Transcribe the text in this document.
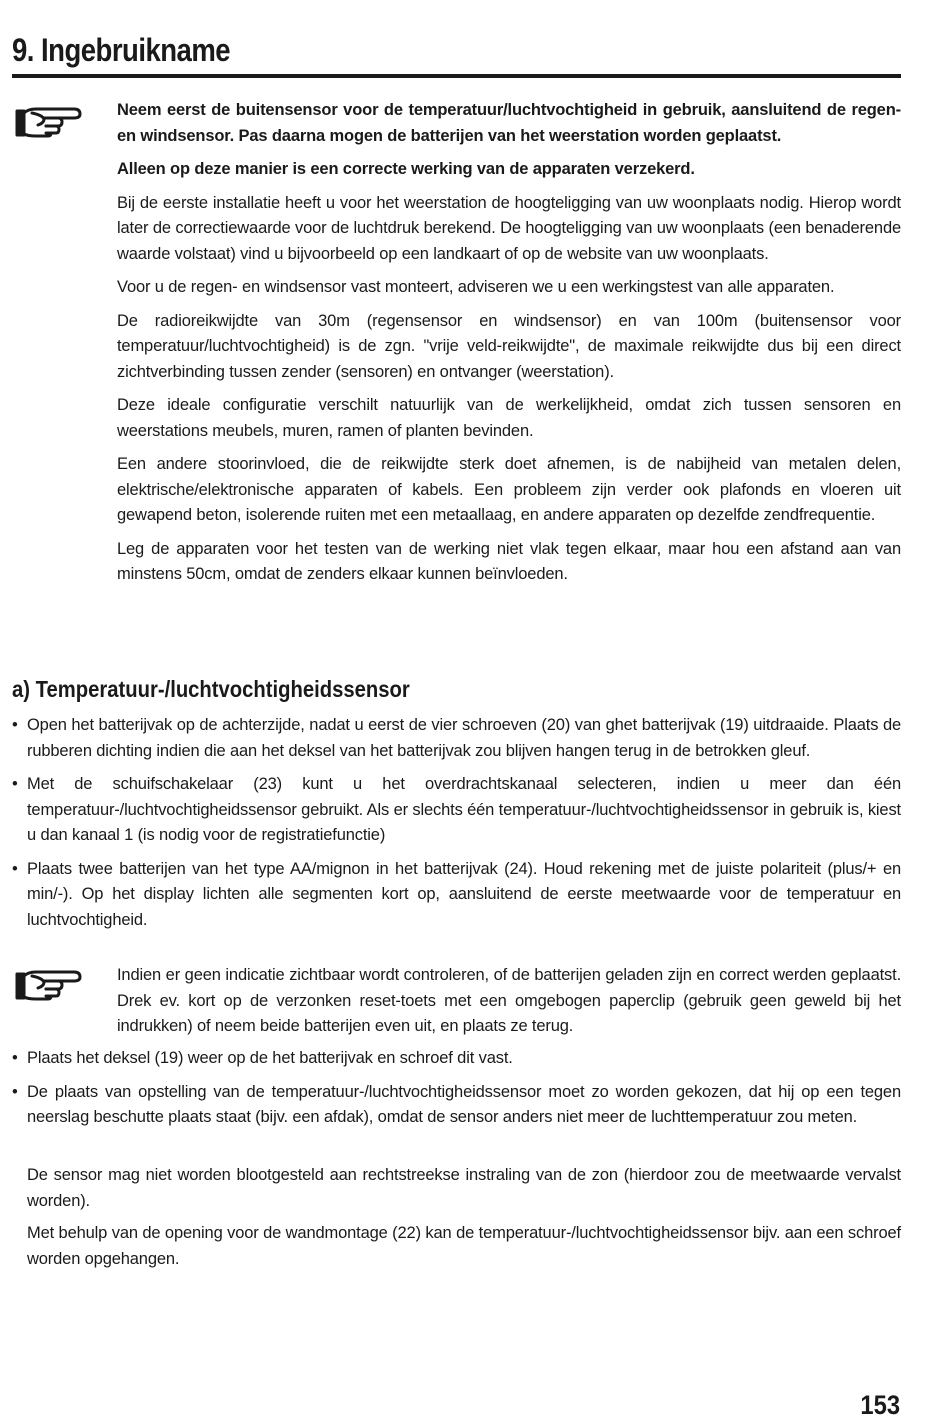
9. Ingebruikname

Neem eerst de buitensensor voor de temperatuur/luchtvochtigheid in gebruik, aansluitend de regen- en windsensor. Pas daarna mogen de batterijen van het weerstation worden geplaatst.

Alleen op deze manier is een correcte werking van de apparaten verzekerd.

Bij de eerste installatie heeft u voor het weerstation de hoogteligging van uw woonplaats nodig. Hierop wordt later de correctiewaarde voor de luchtdruk berekend. De hoogteligging van uw woonplaats (een benaderende waarde volstaat) vind u bijvoorbeeld op een landkaart of op de website van uw woonplaats.

Voor u de regen- en windsensor vast monteert, adviseren we u een werkingstest van alle apparaten.

De radioreikwijdte van 30m (regensensor en windsensor) en van 100m (buitensensor voor temperatuur/luchtvochtigheid) is de zgn. "vrije veld-reikwijdte", de maximale reikwijdte dus bij een direct zichtverbinding tussen zender (sensoren) en ontvanger (weerstation).

Deze ideale configuratie verschilt natuurlijk van de werkelijkheid, omdat zich tussen sensoren en weerstations meubels, muren, ramen of planten bevinden.

Een andere stoorinvloed, die de reikwijdte sterk doet afnemen, is de nabijheid van metalen delen, elektrische/elektronische apparaten of kabels. Een probleem zijn verder ook plafonds en vloeren uit gewapend beton, isolerende ruiten met een metaallaag, en andere apparaten op dezelfde zendfrequentie.

Leg de apparaten voor het testen van de werking niet vlak tegen elkaar, maar hou een afstand aan van minstens 50cm, omdat de zenders elkaar kunnen beïnvloeden.

a) Temperatuur-/luchtvochtigheidssensor
• Open het batterijvak op de achterzijde, nadat u eerst de vier schroeven (20) van ghet batterijvak (19) uitdraaide. Plaats de rubberen dichting indien die aan het deksel van het batterijvak zou blijven hangen terug in de betrokken gleuf.
• Met de schuifschakelaar (23) kunt u het overdrachtskanaal selecteren, indien u meer dan één temperatuur-/luchtvochtigheidssensor gebruikt. Als er slechts één temperatuur-/luchtvochtigheidssensor in gebruik is, kiest u dan kanaal 1 (is nodig voor de registratiefunctie)
• Plaats twee batterijen van het type AA/mignon in het batterijvak (24). Houd rekening met de juiste polariteit (plus/+ en min/-). Op het display lichten alle segmenten kort op, aansluitend de eerste meetwaarde voor de temperatuur en luchtvochtigheid.

Indien er geen indicatie zichtbaar wordt controleren, of de batterijen geladen zijn en correct werden geplaatst. Drek ev. kort op de verzonken reset-toets met een omgebogen paperclip (gebruik geen geweld bij het indrukken) of neem beide batterijen even uit, en plaats ze terug.

• Plaats het deksel (19) weer op de het batterijvak en schroef dit vast.
• De plaats van opstelling van de temperatuur-/luchtvochtigheidssensor moet zo worden gekozen, dat hij op een tegen neerslag beschutte plaats staat (bijv. een afdak), omdat de sensor anders niet meer de luchttemperatuur zou meten.

De sensor mag niet worden blootgesteld aan rechtstreekse instraling van de zon (hierdoor zou de meetwaarde vervalst worden).

Met behulp van de opening voor de wandmontage (22) kan de temperatuur-/luchtvochtigheidssensor bijv. aan een schroef worden opgehangen.

153
